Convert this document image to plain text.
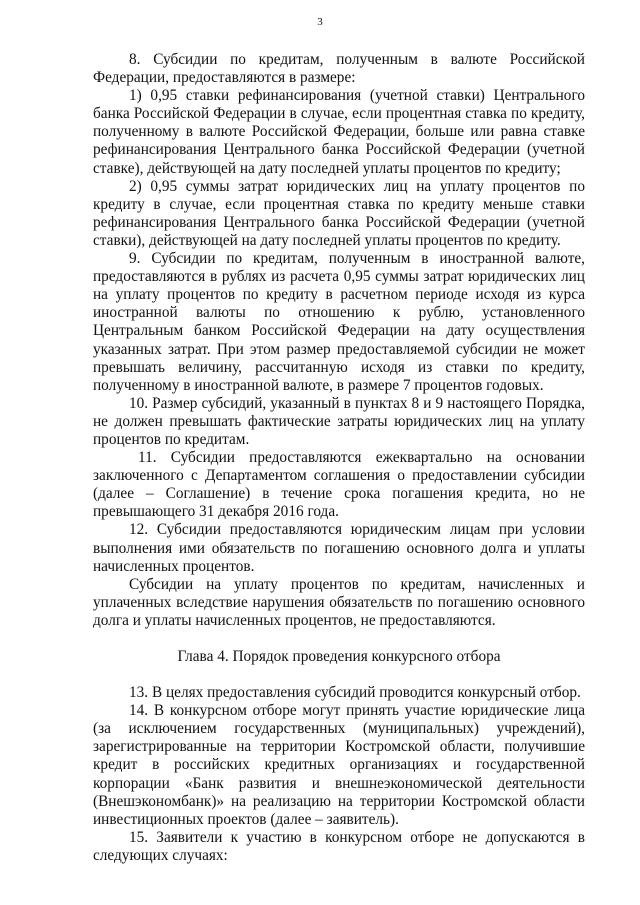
3

8. Субсидии по кредитам, полученным в валюте Российской Федерации, предоставляются в размере:

1) 0,95 ставки рефинансирования (учетной ставки) Центрального банка Российской Федерации в случае, если процентная ставка по кредиту, полученному в валюте Российской Федерации, больше или равна ставке рефинансирования Центрального банка Российской Федерации (учетной ставке), действующей на дату последней уплаты процентов по кредиту;

2) 0,95 суммы затрат юридических лиц на уплату процентов по кредиту в случае, если процентная ставка по кредиту меньше ставки рефинансирования Центрального банка Российской Федерации (учетной ставки), действующей на дату последней уплаты процентов по кредиту.

9. Субсидии по кредитам, полученным в иностранной валюте, предоставляются в рублях из расчета 0,95 суммы затрат юридических лиц на уплату процентов по кредиту в расчетном периоде исходя из курса иностранной валюты по отношению к рублю, установленного Центральным банком Российской Федерации на дату осуществления указанных затрат. При этом размер предоставляемой субсидии не может превышать величину, рассчитанную исходя из ставки по кредиту, полученному в иностранной валюте, в размере 7 процентов годовых.

10. Размер субсидий, указанный в пунктах 8 и 9 настоящего Порядка, не должен превышать фактические затраты юридических лиц на уплату процентов по кредитам.

11. Субсидии предоставляются ежеквартально на основании заключенного с Департаментом соглашения о предоставлении субсидии (далее – Соглашение) в течение срока погашения кредита, но не превышающего 31 декабря 2016 года.

12. Субсидии предоставляются юридическим лицам при условии выполнения ими обязательств по погашению основного долга и уплаты начисленных процентов.

Субсидии на уплату процентов по кредитам, начисленных и уплаченных вследствие нарушения обязательств по погашению основного долга и уплаты начисленных процентов, не предоставляются.

Глава 4. Порядок проведения конкурсного отбора

13. В целях предоставления субсидий проводится конкурсный отбор.

14. В конкурсном отборе могут принять участие юридические лица (за исключением государственных (муниципальных) учреждений), зарегистрированные на территории Костромской области, получившие кредит в российских кредитных организациях и государственной корпорации «Банк развития и внешнеэкономической деятельности (Внешэкономбанк)» на реализацию на территории Костромской области инвестиционных проектов (далее – заявитель).

15. Заявители к участию в конкурсном отборе не допускаются в следующих случаях:
